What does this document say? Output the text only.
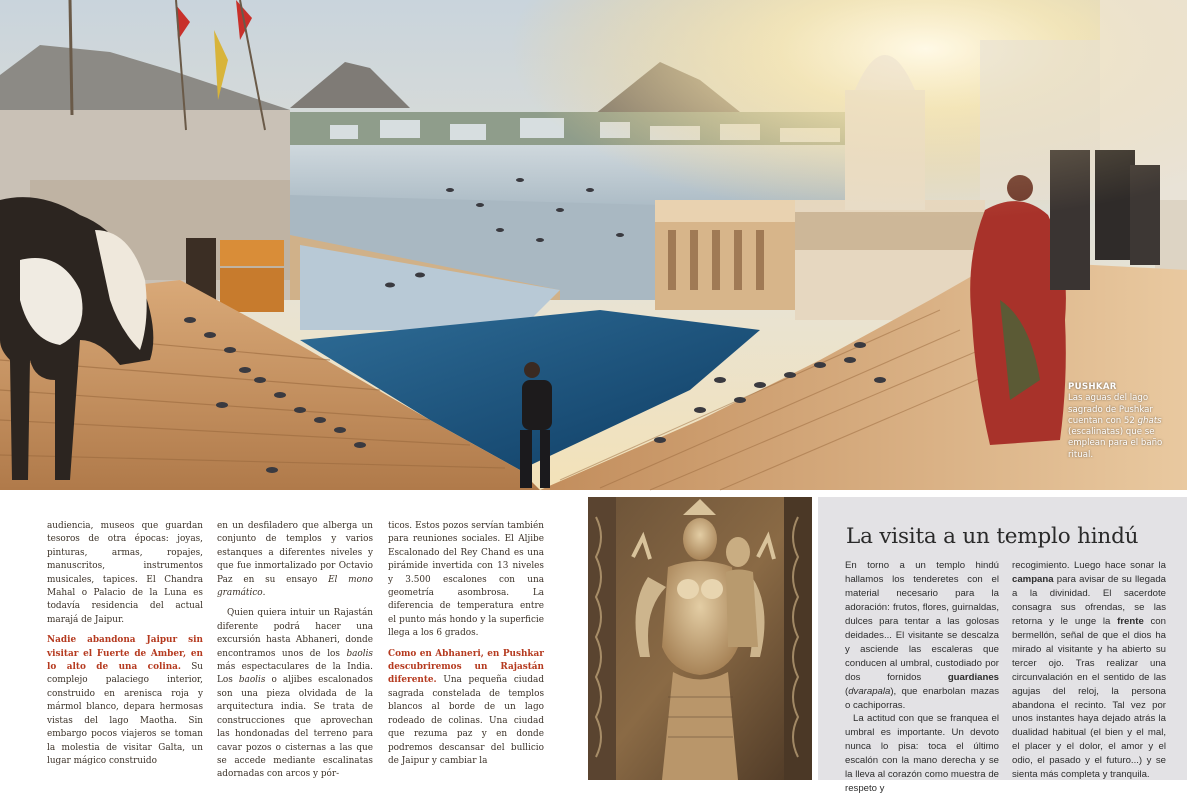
PUSHKAR
Las aguas del lago sagrado de Pushkar cuentan con 52 ghats (escalinatas) que se emplean para el baño ritual.

audiencia, museos que guardan tesoros de otra épocas: joyas, pinturas, armas, ropajes, manuscritos, instrumentos musicales, tapices. El Chandra Mahal o Palacio de la Luna es todavía residencia del actual marajá de Jaipur.

Nadie abandona Jaipur sin visitar el Fuerte de Amber, en lo alto de una colina. Su complejo palaciego interior, construido en arenisca roja y mármol blanco, depara hermosas vistas del lago Maotha. Sin embargo pocos viajeros se toman la molestia de visitar Galta, un lugar mágico construido

en un desfiladero que alberga un conjunto de templos y varios estanques a diferentes niveles y que fue inmortalizado por Octavio Paz en su ensayo El mono gramático.

Quien quiera intuir un Rajastán diferente podrá hacer una excursión hasta Abhaneri, donde encontramos unos de los baolis más espectaculares de la India. Los baolis o aljibes escalonados son una pieza olvidada de la arquitectura india. Se trata de construcciones que aprovechan las hondonadas del terreno para cavar pozos o cisternas a las que se accede mediante escalinatas adornadas con arcos y pór-

ticos. Estos pozos servían también para reuniones sociales. El Aljibe Escalonado del Rey Chand es una pirámide invertida con 13 niveles y 3.500 escalones con una geometría asombrosa. La diferencia de temperatura entre el punto más hondo y la superficie llega a los 6 grados.

Como en Abhaneri, en Pushkar descubriremos un Rajastán diferente. Una pequeña ciudad sagrada constelada de templos blancos al borde de un lago rodeado de colinas. Una ciudad que rezuma paz y en donde podremos descansar del bullicio de Jaipur y cambiar la

La visita a un templo hindú

En torno a un templo hindú hallamos los tenderetes con el material necesario para la adoración: frutos, flores, guirnaldas, dulces para tentar a las golosas deidades... El visitante se descalza y asciende las escaleras que conducen al umbral, custodiado por dos fornidos guardianes (dvarapala), que enarbolan mazas o cachiporras.

La actitud con que se franquea el umbral es importante. Un devoto nunca lo pisa: toca el último escalón con la mano derecha y se la lleva al corazón como muestra de respeto y

recogimiento. Luego hace sonar la campana para avisar de su llegada a la divinidad. El sacerdote consagra sus ofrendas, se las retorna y le unge la frente con bermellón, señal de que el dios ha mirado al visitante y ha abierto su tercer ojo. Tras realizar una circunvalación en el sentido de las agujas del reloj, la persona abandona el recinto. Tal vez por unos instantes haya dejado atrás la dualidad habitual (el bien y el mal, el placer y el dolor, el amor y el odio, el pasado y el futuro...) y se sienta más completa y tranquila.
